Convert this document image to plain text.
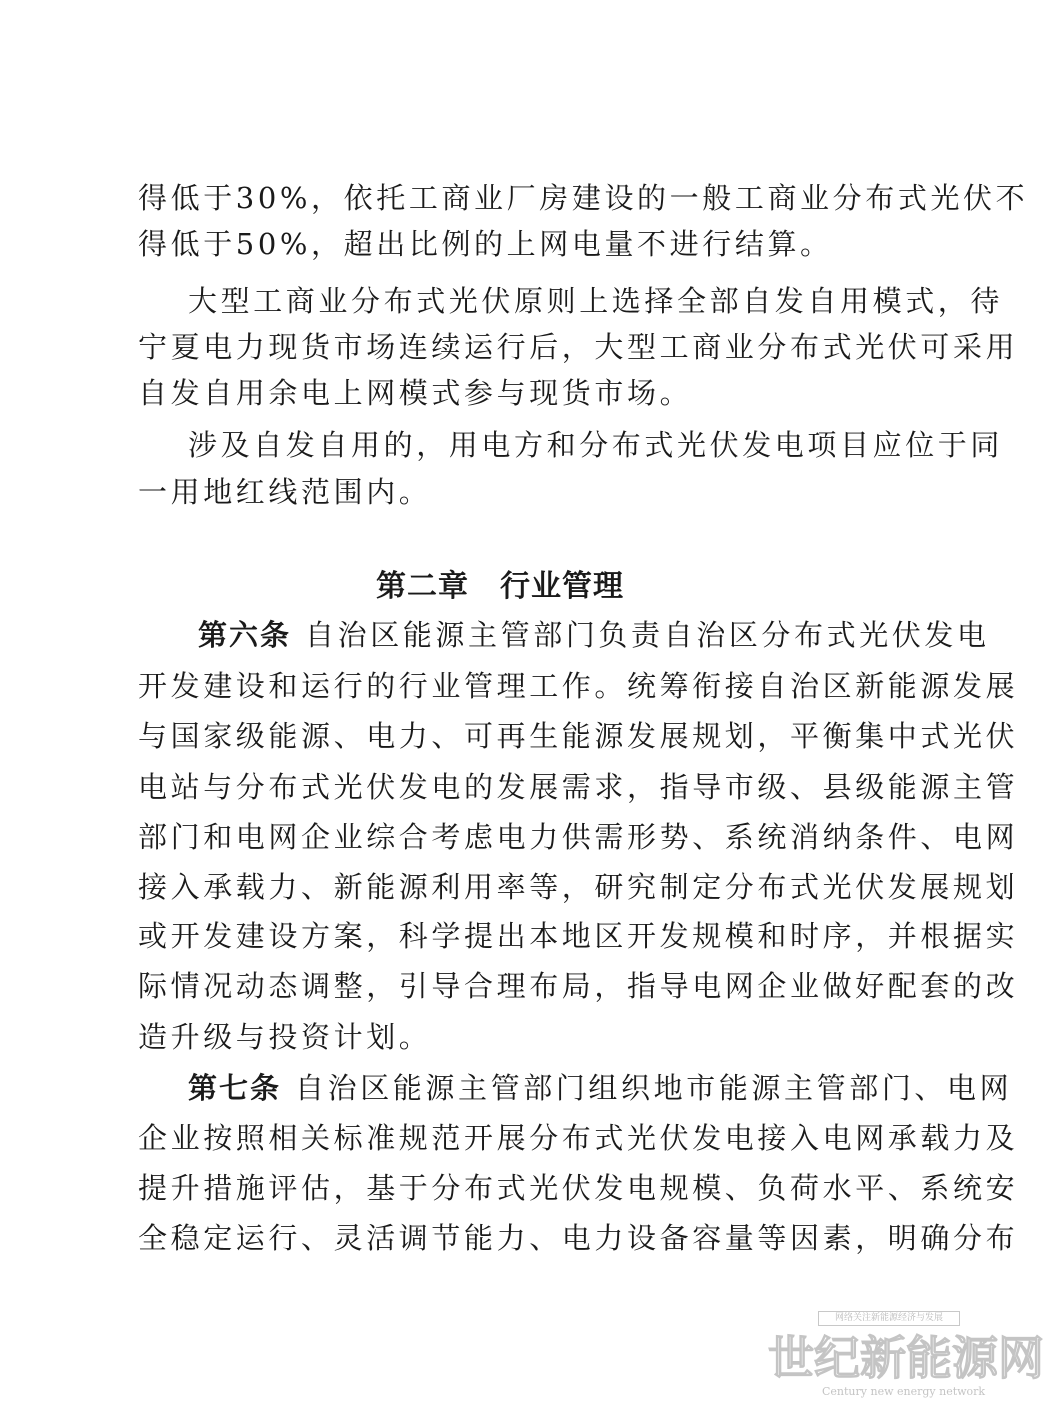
得低于30%，依托工商业厂房建设的一般工商业分布式光伏不
得低于50%，超出比例的上网电量不进行结算。
大型工商业分布式光伏原则上选择全部自发自用模式，待
宁夏电力现货市场连续运行后，大型工商业分布式光伏可采用
自发自用余电上网模式参与现货市场。
涉及自发自用的，用电方和分布式光伏发电项目应位于同
一用地红线范围内。
第二章　行业管理
第六条 自治区能源主管部门负责自治区分布式光伏发电
开发建设和运行的行业管理工作。统筹衔接自治区新能源发展
与国家级能源、电力、可再生能源发展规划，平衡集中式光伏
电站与分布式光伏发电的发展需求，指导市级、县级能源主管
部门和电网企业综合考虑电力供需形势、系统消纳条件、电网
接入承载力、新能源利用率等，研究制定分布式光伏发展规划
或开发建设方案，科学提出本地区开发规模和时序，并根据实
际情况动态调整，引导合理布局，指导电网企业做好配套的改
造升级与投资计划。
第七条 自治区能源主管部门组织地市能源主管部门、电网
企业按照相关标准规范开展分布式光伏发电接入电网承载力及
提升措施评估，基于分布式光伏发电规模、负荷水平、系统安
全稳定运行、灵活调节能力、电力设备容量等因素，明确分布
网络关注新能源经济与发展
世纪新能源网
Century new energy network
